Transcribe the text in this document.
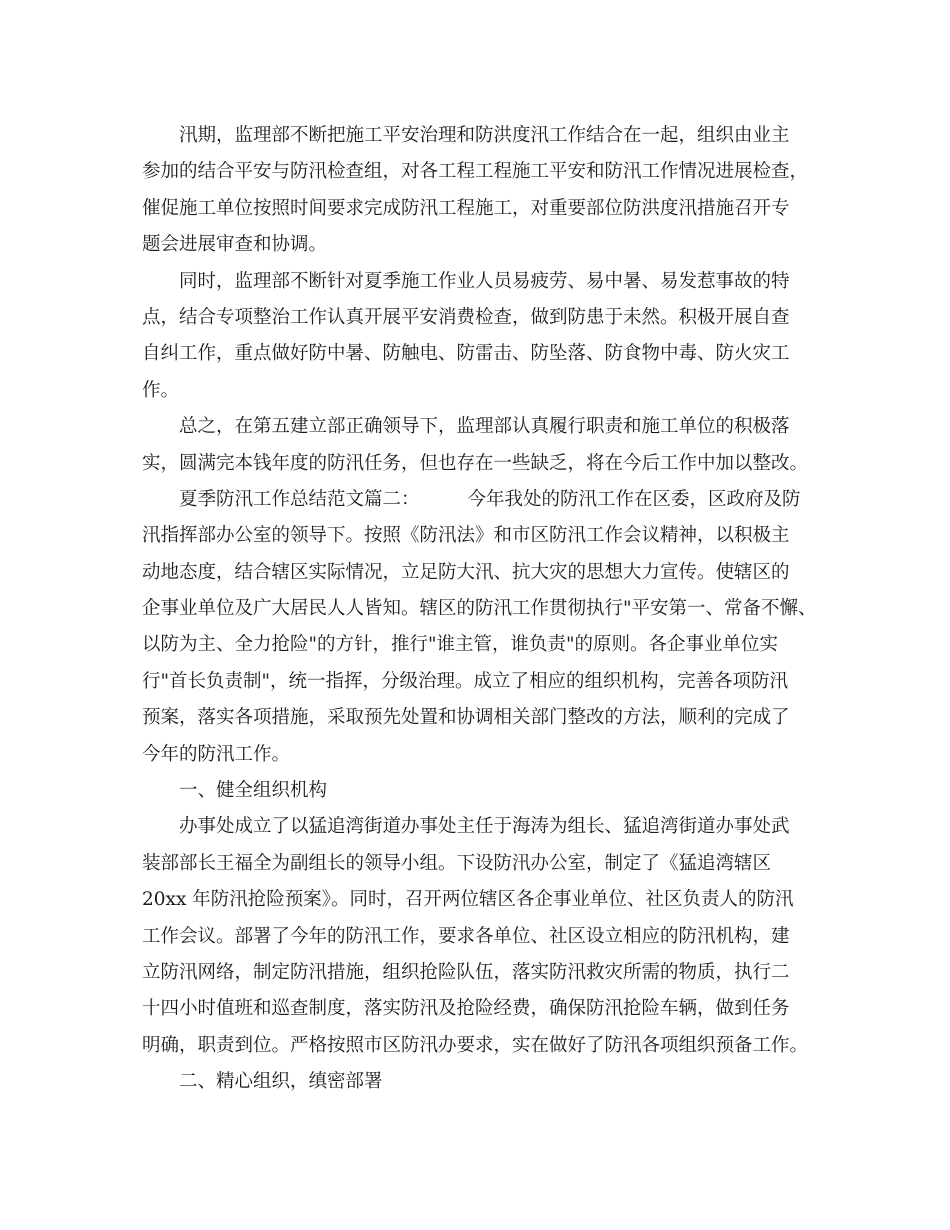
汛期，监理部不断把施工平安治理和防洪度汛工作结合在一起，组织由业主
参加的结合平安与防汛检查组，对各工程工程施工平安和防汛工作情况进展检查，
催促施工单位按照时间要求完成防汛工程施工，对重要部位防洪度汛措施召开专
题会进展审查和协调。
同时，监理部不断针对夏季施工作业人员易疲劳、易中暑、易发惹事故的特
点，结合专项整治工作认真开展平安消费检查，做到防患于未然。积极开展自查
自纠工作，重点做好防中暑、防触电、防雷击、防坠落、防食物中毒、防火灾工
作。
总之，在第五建立部正确领导下，监理部认真履行职责和施工单位的积极落
实，圆满完本钱年度的防汛任务，但也存在一些缺乏，将在今后工作中加以整改。
夏季防汛工作总结范文篇二：	今年我处的防汛工作在区委，区政府及防
汛指挥部办公室的领导下。按照《防汛法》和市区防汛工作会议精神，以积极主
动地态度，结合辖区实际情况，立足防大汛、抗大灾的思想大力宣传。使辖区的
企事业单位及广大居民人人皆知。辖区的防汛工作贯彻执行"平安第一、常备不懈、
以防为主、全力抢险"的方针，推行"谁主管，谁负责"的原则。各企事业单位实
行"首长负责制"，统一指挥，分级治理。成立了相应的组织机构，完善各项防汛
预案，落实各项措施，采取预先处置和协调相关部门整改的方法，顺利的完成了
今年的防汛工作。
一、健全组织机构
办事处成立了以猛追湾街道办事处主任于海涛为组长、猛追湾街道办事处武
装部部长王福全为副组长的领导小组。下设防汛办公室，制定了《猛追湾辖区
20xx 年防汛抢险预案》。同时，召开两位辖区各企事业单位、社区负责人的防汛
工作会议。部署了今年的防汛工作，要求各单位、社区设立相应的防汛机构，建
立防汛网络，制定防汛措施，组织抢险队伍，落实防汛救灾所需的物质，执行二
十四小时值班和巡查制度，落实防汛及抢险经费，确保防汛抢险车辆，做到任务
明确，职责到位。严格按照市区防汛办要求，实在做好了防汛各项组织预备工作。
二、精心组织，缜密部署
